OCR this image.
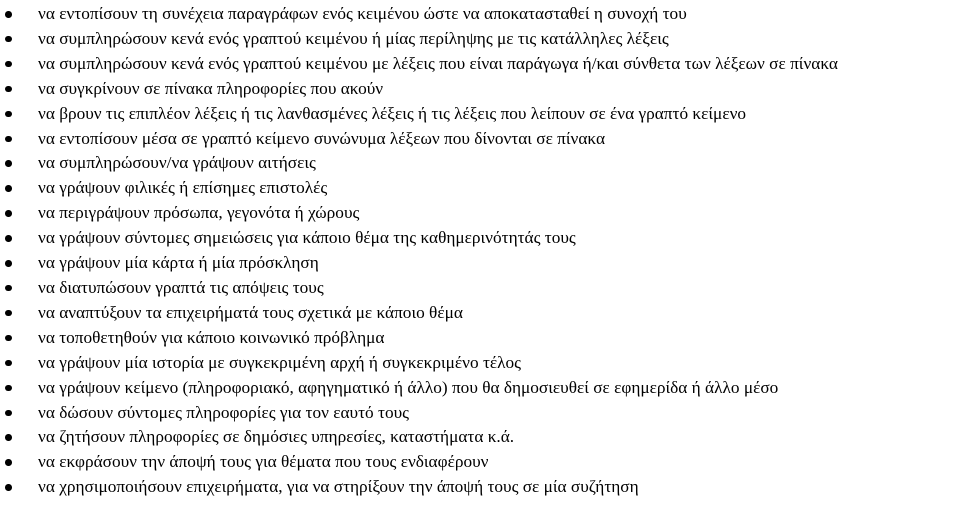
να εντοπίσουν τη συνέχεια παραγράφων ενός κειμένου ώστε να αποκατασταθεί η συνοχή του
να συμπληρώσουν κενά ενός γραπτού κειμένου ή μίας περίληψης με τις κατάλληλες λέξεις
να συμπληρώσουν κενά ενός γραπτού κειμένου με λέξεις που είναι παράγωγα ή/και σύνθετα των λέξεων σε πίνακα
να συγκρίνουν σε πίνακα πληροφορίες που ακούν
να βρουν τις επιπλέον λέξεις ή τις λανθασμένες λέξεις ή τις λέξεις που λείπουν σε ένα γραπτό κείμενο
να εντοπίσουν μέσα σε γραπτό κείμενο συνώνυμα λέξεων που δίνονται σε πίνακα
να συμπληρώσουν/να γράψουν αιτήσεις
να γράψουν φιλικές ή επίσημες επιστολές
να περιγράψουν πρόσωπα, γεγονότα ή χώρους
να γράψουν σύντομες σημειώσεις για κάποιο θέμα της καθημερινότητάς τους
να γράψουν μία κάρτα ή μία πρόσκληση
να διατυπώσουν γραπτά τις απόψεις τους
να αναπτύξουν τα επιχειρήματά τους σχετικά με κάποιο θέμα
να τοποθετηθούν για κάποιο κοινωνικό πρόβλημα
να γράψουν μία ιστορία με συγκεκριμένη αρχή ή συγκεκριμένο τέλος
να γράψουν κείμενο (πληροφοριακό, αφηγηματικό ή άλλο) που θα δημοσιευθεί σε εφημερίδα ή άλλο μέσο
να δώσουν σύντομες πληροφορίες για τον εαυτό τους
να ζητήσουν πληροφορίες σε δημόσιες υπηρεσίες, καταστήματα κ.ά.
να εκφράσουν την άποψή τους για θέματα που τους ενδιαφέρουν
να χρησιμοποιήσουν επιχειρήματα, για να στηρίξουν την άποψή τους σε μία συζήτηση
